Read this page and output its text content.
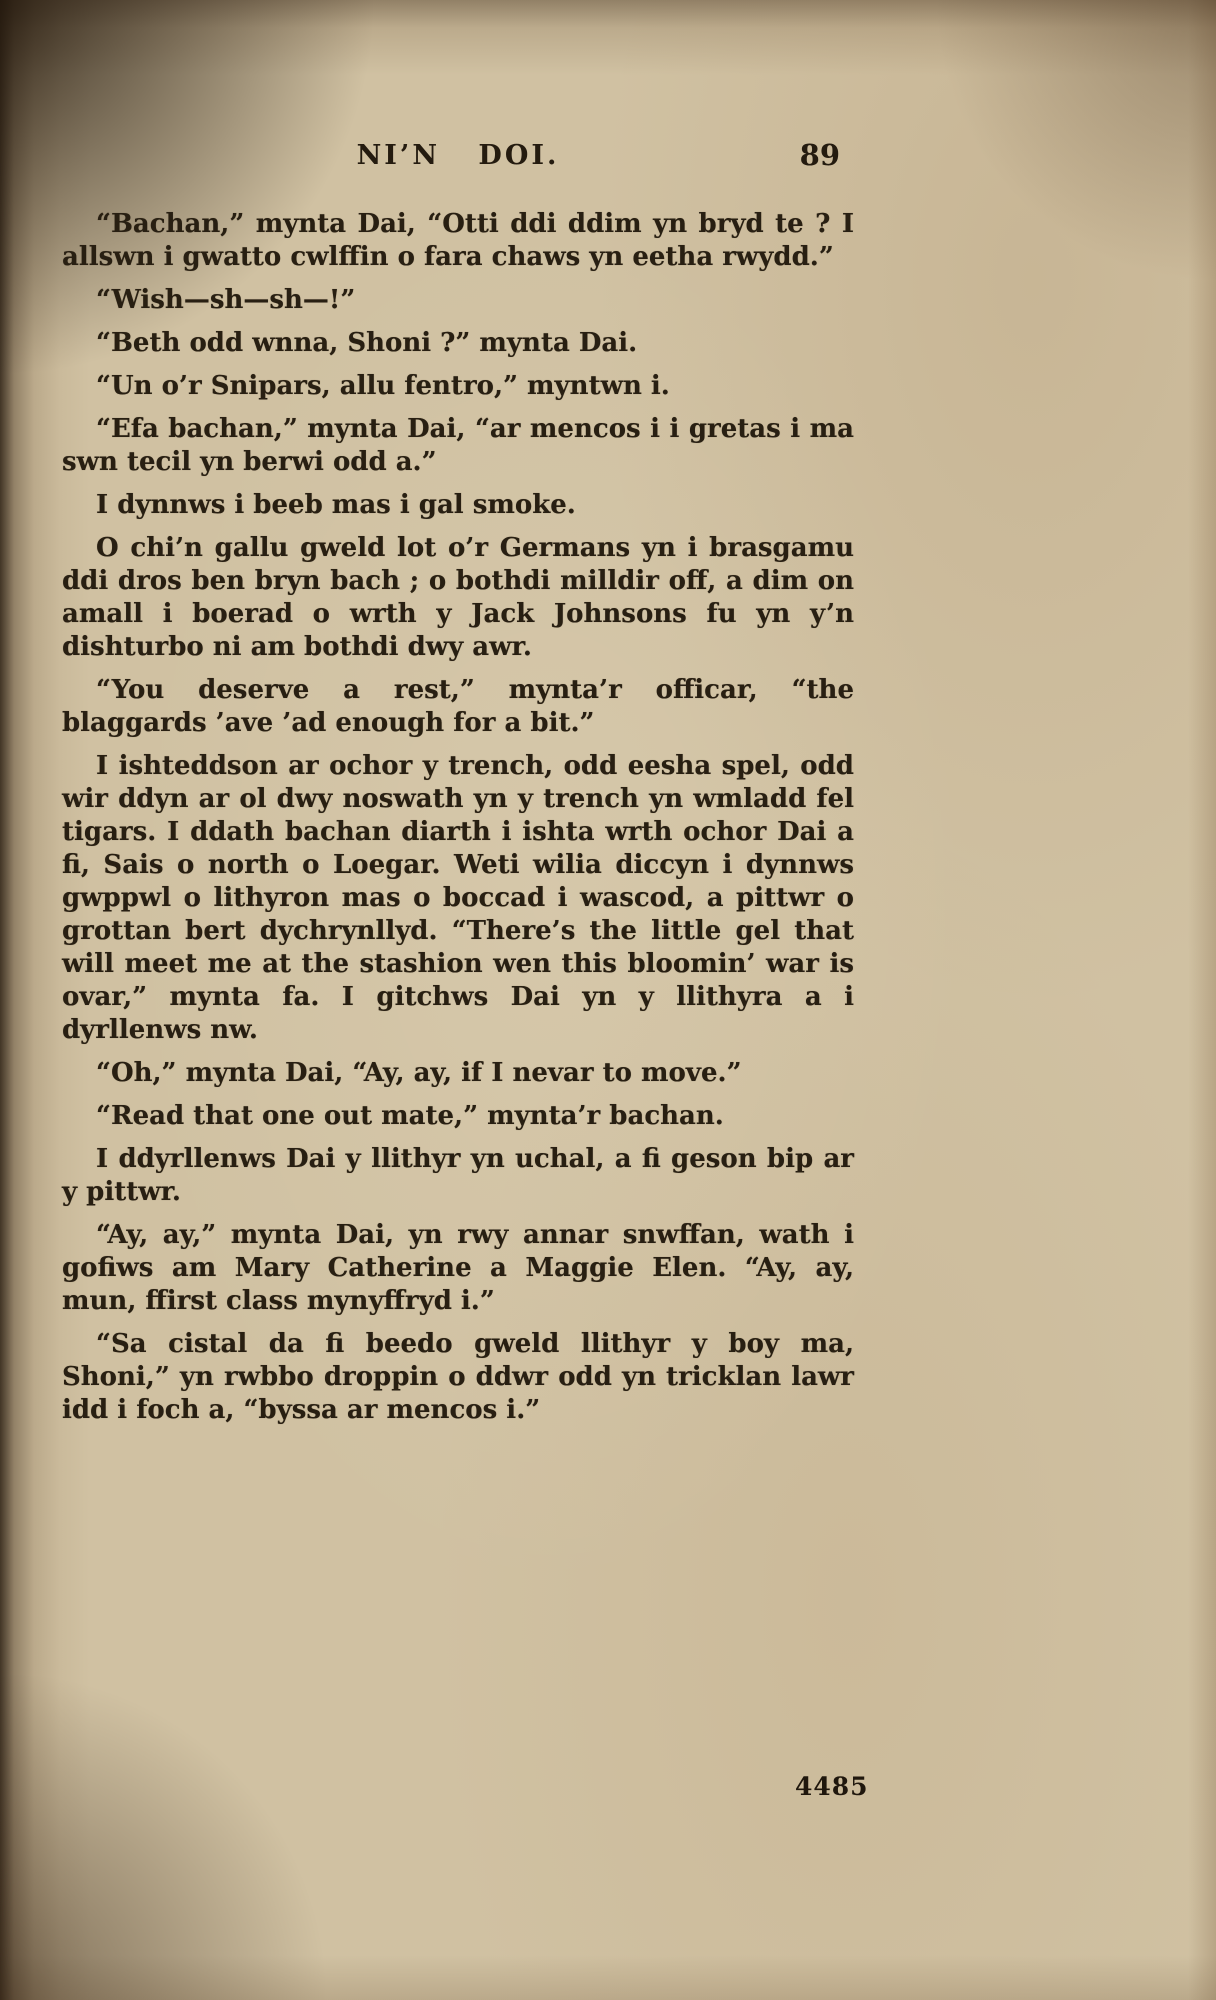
NI’N DOI.	89

“Bachan,” mynta Dai, “Otti ddi ddim yn bryd te ? I allswn i gwatto cwlffin o fara chaws yn eetha rwydd.”

“Wish—sh—sh—!”

“Beth odd wnna, Shoni ?” mynta Dai.

“Un o’r Snipars, allu fentro,” myntwn i.

“Efa bachan,” mynta Dai, “ar mencos i i gretas i ma swn tecil yn berwi odd a.”

I dynnws i beeb mas i gal smoke.

O chi’n gallu gweld lot o’r Germans yn i brasgamu ddi dros ben bryn bach ; o bothdi milldir off, a dim on amall i boerad o wrth y Jack Johnsons fu yn y’n dishturbo ni am bothdi dwy awr.

“You deserve a rest,” mynta’r officar, “the blaggards ’ave ’ad enough for a bit.”

I ishteddson ar ochor y trench, odd eesha spel, odd wir ddyn ar ol dwy noswath yn y trench yn wmladd fel tigars. I ddath bachan diarth i ishta wrth ochor Dai a fi, Sais o north o Loegar. Weti wilia diccyn i dynnws gwppwl o lithyron mas o boccad i wascod, a pittwr o grottan bert dychrynllyd. “There’s the little gel that will meet me at the stashion wen this bloomin’ war is ovar,” mynta fa. I gitchws Dai yn y llithyra a i dyrllenws nw.

“Oh,” mynta Dai, “Ay, ay, if I nevar to move.”

“Read that one out mate,” mynta’r bachan.

I ddyrllenws Dai y llithyr yn uchal, a fi geson bip ar y pittwr.

“Ay, ay,” mynta Dai, yn rwy annar snwffan, wath i gofiws am Mary Catherine a Maggie Elen. “Ay, ay, mun, ffirst class mynyffryd i.”

“Sa cistal da fi beedo gweld llithyr y boy ma, Shoni,” yn rwbbo droppin o ddwr odd yn tricklan lawr idd i foch a, “byssa ar mencos i.”

4485
